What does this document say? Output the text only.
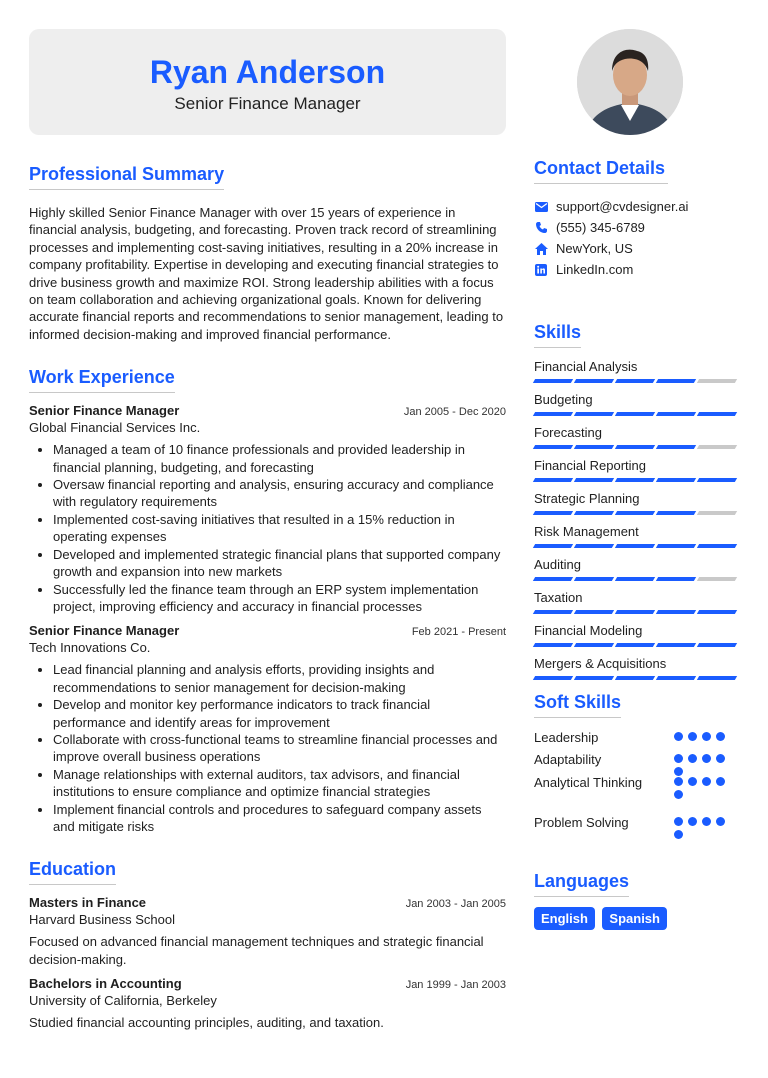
Ryan Anderson
Senior Finance Manager
Professional Summary

Highly skilled Senior Finance Manager with over 15 years of experience in financial analysis, budgeting, and forecasting. Proven track record of streamlining processes and implementing cost-saving initiatives, resulting in a 20% increase in company profitability. Expertise in developing and executing financial strategies to drive business growth and maximize ROI. Strong leadership abilities with a focus on team collaboration and achieving organizational goals. Known for delivering accurate financial reports and recommendations to senior management, leading to informed decision-making and improved financial performance.

Work Experience
Senior Finance Manager	Jan 2005 - Dec 2020
Global Financial Services Inc.
• Managed a team of 10 finance professionals and provided leadership in financial planning, budgeting, and forecasting
• Oversaw financial reporting and analysis, ensuring accuracy and compliance with regulatory requirements
• Implemented cost-saving initiatives that resulted in a 15% reduction in operating expenses
• Developed and implemented strategic financial plans that supported company growth and expansion into new markets
• Successfully led the finance team through an ERP system implementation project, improving efficiency and accuracy in financial processes
Senior Finance Manager	Feb 2021 - Present
Tech Innovations Co.
• Lead financial planning and analysis efforts, providing insights and recommendations to senior management for decision-making
• Develop and monitor key performance indicators to track financial performance and identify areas for improvement
• Collaborate with cross-functional teams to streamline financial processes and improve overall business operations
• Manage relationships with external auditors, tax advisors, and financial institutions to ensure compliance and optimize financial strategies
• Implement financial controls and procedures to safeguard company assets and mitigate risks
Education
Masters in Finance	Jan 2003 - Jan 2005
Harvard Business School

Focused on advanced financial management techniques and strategic financial decision-making.

Bachelors in Accounting	Jan 1999 - Jan 2003
University of California, Berkeley

Studied financial accounting principles, auditing, and taxation.

Contact Details
support@cvdesigner.ai
(555) 345-6789
NewYork, US
LinkedIn.com
Skills
Financial Analysis
Budgeting
Forecasting
Financial Reporting
Strategic Planning
Risk Management
Auditing
Taxation
Financial Modeling
Mergers & Acquisitions
Soft Skills
Leadership
Adaptability
Analytical Thinking
Problem Solving
Languages
English Spanish
